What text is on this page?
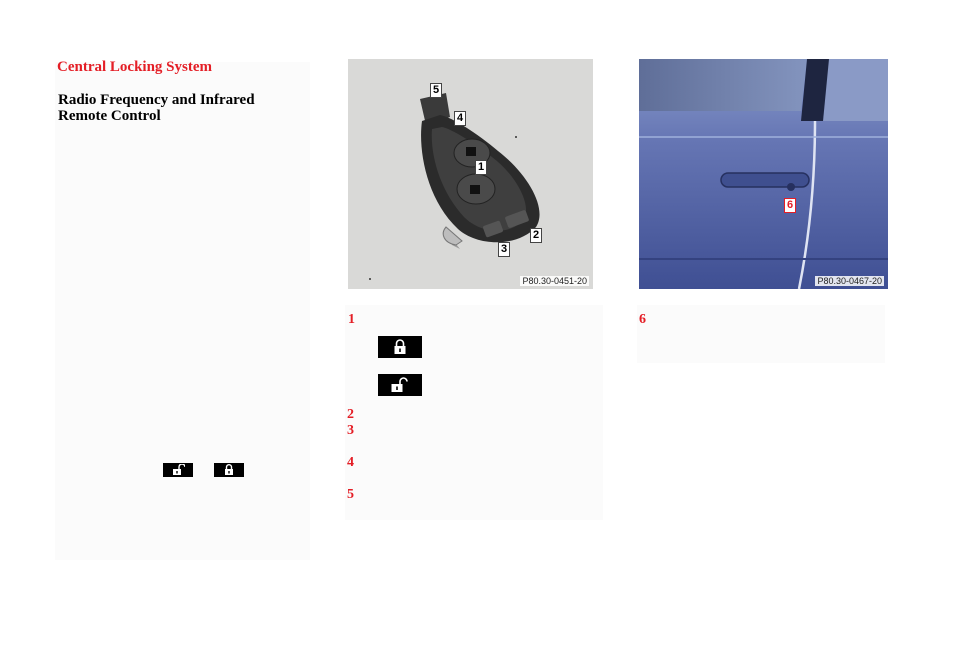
Central Locking System
Radio Frequency and Infrared Remote Control
5
4
1
2
3
P80.30-0451-20
6
P80.30-0467-20
1
2
3
4
5
6
